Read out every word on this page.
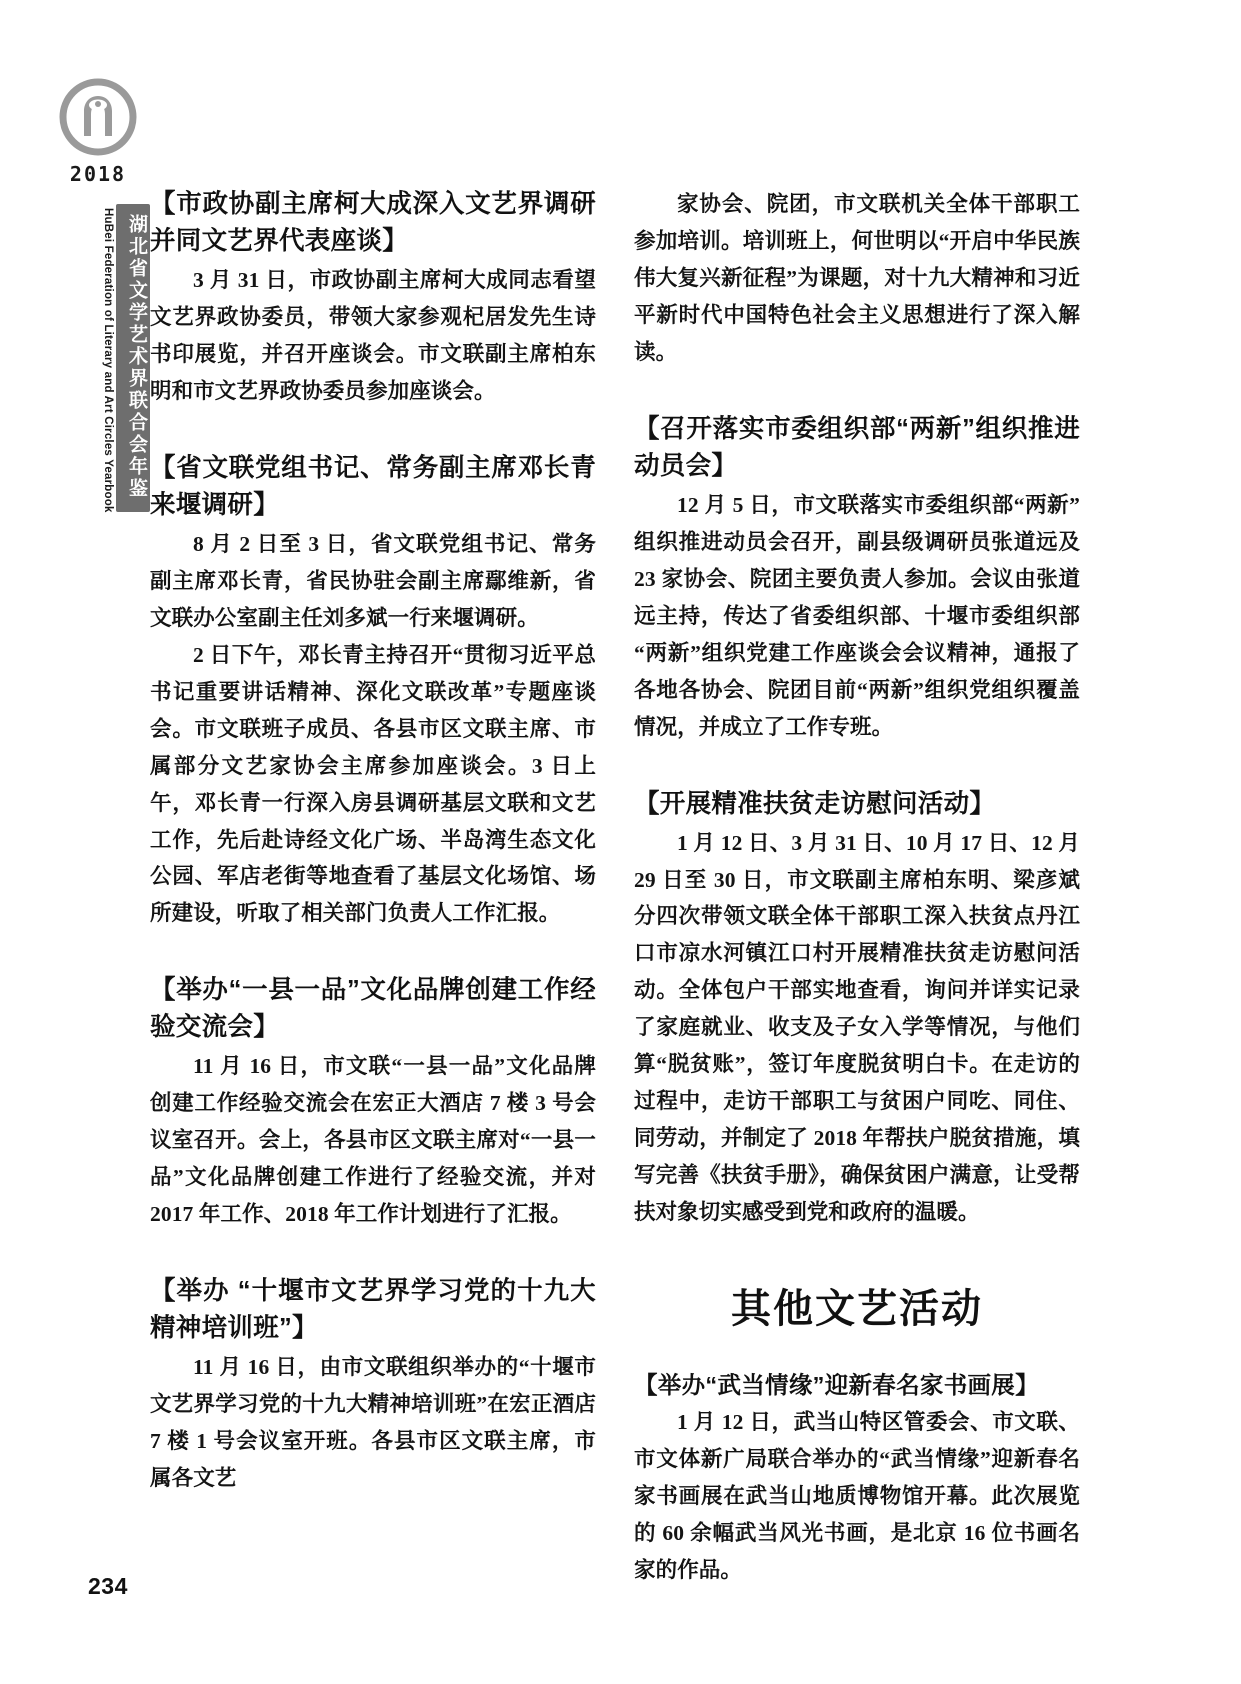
2018
湖北省文学艺术界联合会年鉴
HuBei Federation of Literary and Art Circles Yearbook
【市政协副主席柯大成深入文艺界调研并同文艺界代表座谈】

3 月 31 日，市政协副主席柯大成同志看望文艺界政协委员，带领大家参观杞居发先生诗书印展览，并召开座谈会。市文联副主席柏东明和市文艺界政协委员参加座谈会。

【省文联党组书记、常务副主席邓长青来堰调研】

8 月 2 日至 3 日，省文联党组书记、常务副主席邓长青，省民协驻会副主席鄢维新，省文联办公室副主任刘多斌一行来堰调研。

2 日下午，邓长青主持召开“贯彻习近平总书记重要讲话精神、深化文联改革”专题座谈会。市文联班子成员、各县市区文联主席、市属部分文艺家协会主席参加座谈会。3 日上午，邓长青一行深入房县调研基层文联和文艺工作，先后赴诗经文化广场、半岛湾生态文化公园、军店老街等地查看了基层文化场馆、场所建设，听取了相关部门负责人工作汇报。

【举办“一县一品”文化品牌创建工作经验交流会】

11 月 16 日，市文联“一县一品”文化品牌创建工作经验交流会在宏正大酒店 7 楼 3 号会议室召开。会上，各县市区文联主席对“一县一品”文化品牌创建工作进行了经验交流，并对 2017 年工作、2018 年工作计划进行了汇报。

【举办 “十堰市文艺界学习党的十九大精神培训班”】

11 月 16 日，由市文联组织举办的“十堰市文艺界学习党的十九大精神培训班”在宏正酒店 7 楼 1 号会议室开班。各县市区文联主席，市属各文艺

家协会、院团，市文联机关全体干部职工参加培训。培训班上，何世明以“开启中华民族伟大复兴新征程”为课题，对十九大精神和习近平新时代中国特色社会主义思想进行了深入解读。

【召开落实市委组织部“两新”组织推进动员会】

12 月 5 日，市文联落实市委组织部“两新”组织推进动员会召开，副县级调研员张道远及 23 家协会、院团主要负责人参加。会议由张道远主持，传达了省委组织部、十堰市委组织部“两新”组织党建工作座谈会会议精神，通报了各地各协会、院团目前“两新”组织党组织覆盖情况，并成立了工作专班。

【开展精准扶贫走访慰问活动】

1 月 12 日、3 月 31 日、10 月 17 日、12 月 29 日至 30 日，市文联副主席柏东明、梁彦斌分四次带领文联全体干部职工深入扶贫点丹江口市凉水河镇江口村开展精准扶贫走访慰问活动。全体包户干部实地查看，询问并详实记录了家庭就业、收支及子女入学等情况，与他们算“脱贫账”，签订年度脱贫明白卡。在走访的过程中，走访干部职工与贫困户同吃、同住、同劳动，并制定了 2018 年帮扶户脱贫措施，填写完善《扶贫手册》，确保贫困户满意，让受帮扶对象切实感受到党和政府的温暖。

其他文艺活动
【举办“武当情缘”迎新春名家书画展】

1 月 12 日，武当山特区管委会、市文联、市文体新广局联合举办的“武当情缘”迎新春名家书画展在武当山地质博物馆开幕。此次展览的 60 余幅武当风光书画，是北京 16 位书画名家的作品。

234
